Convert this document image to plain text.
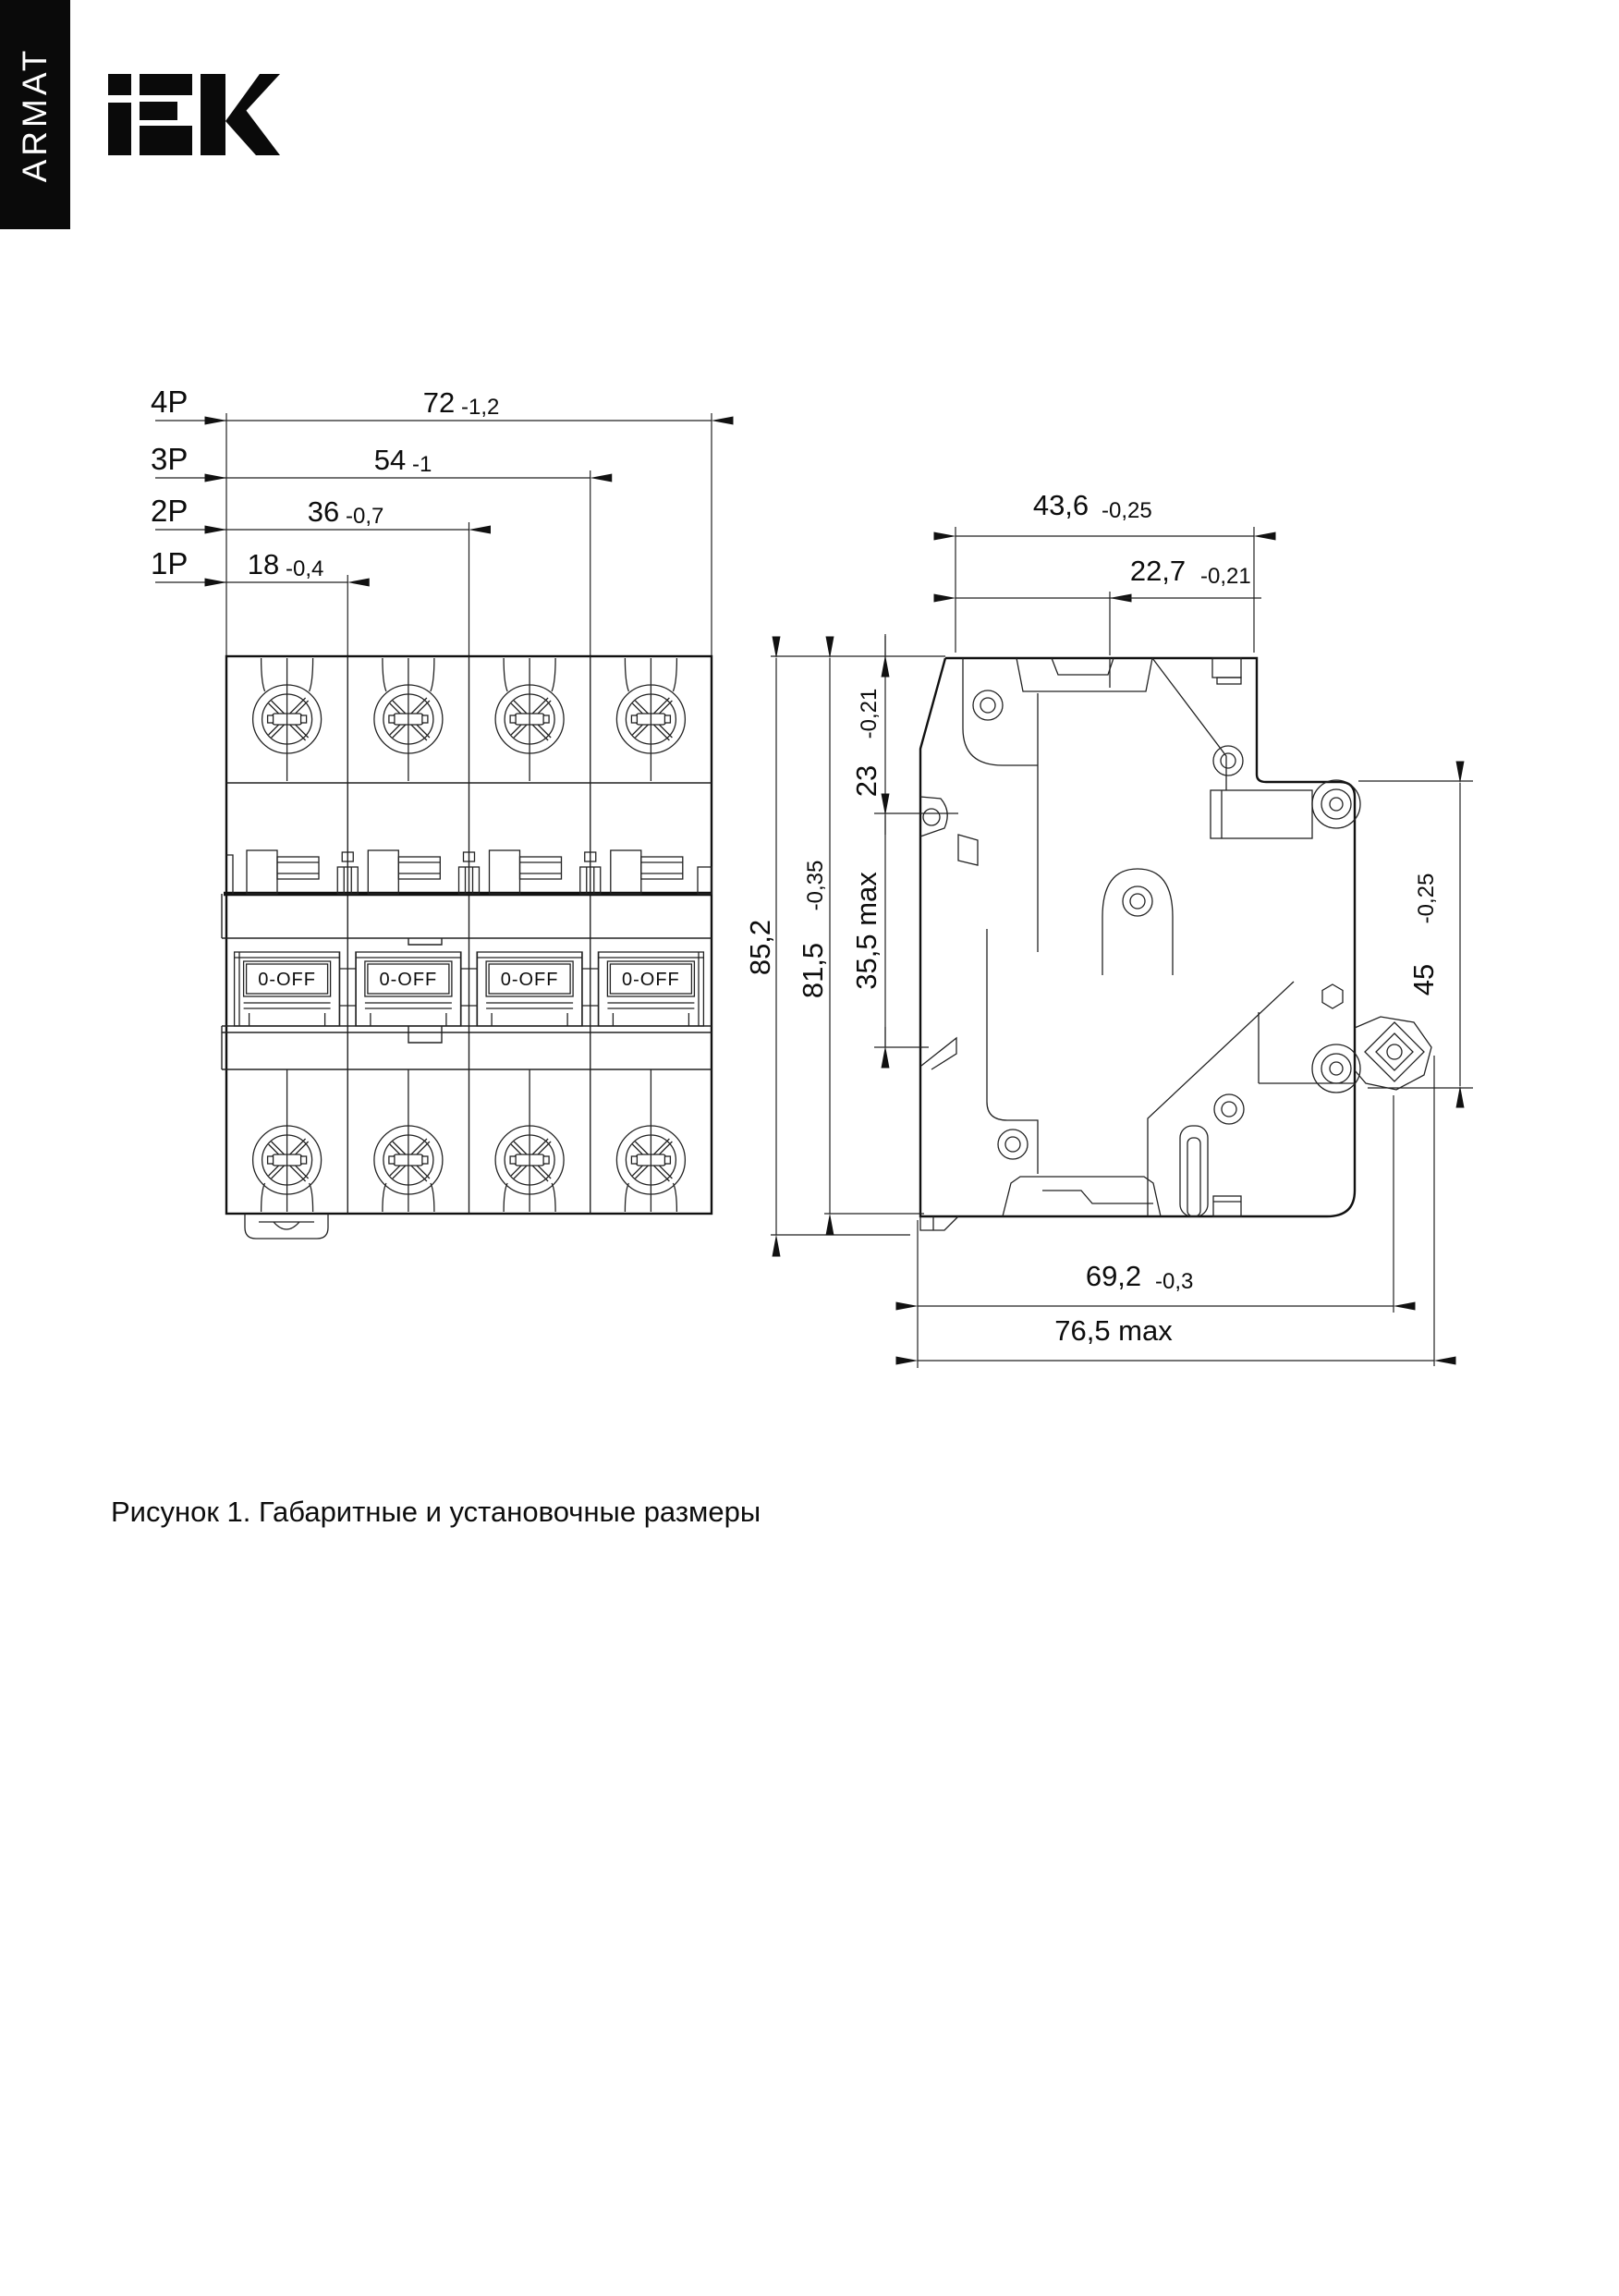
ARMAT
0-OFF	0-OFF	0-OFF	0-OFF
4P
3P
2P
1P
72 -1,2
54 -1
36 -0,7
18 -0,4
43,6 -0,25
22,7 -0,21
23
-0,21
35,5 max
81,5
-0,35
85,2
45
-0,25
69,2 -0,3
76,5 max
Рисунок 1. Габаритные и установочные размеры
